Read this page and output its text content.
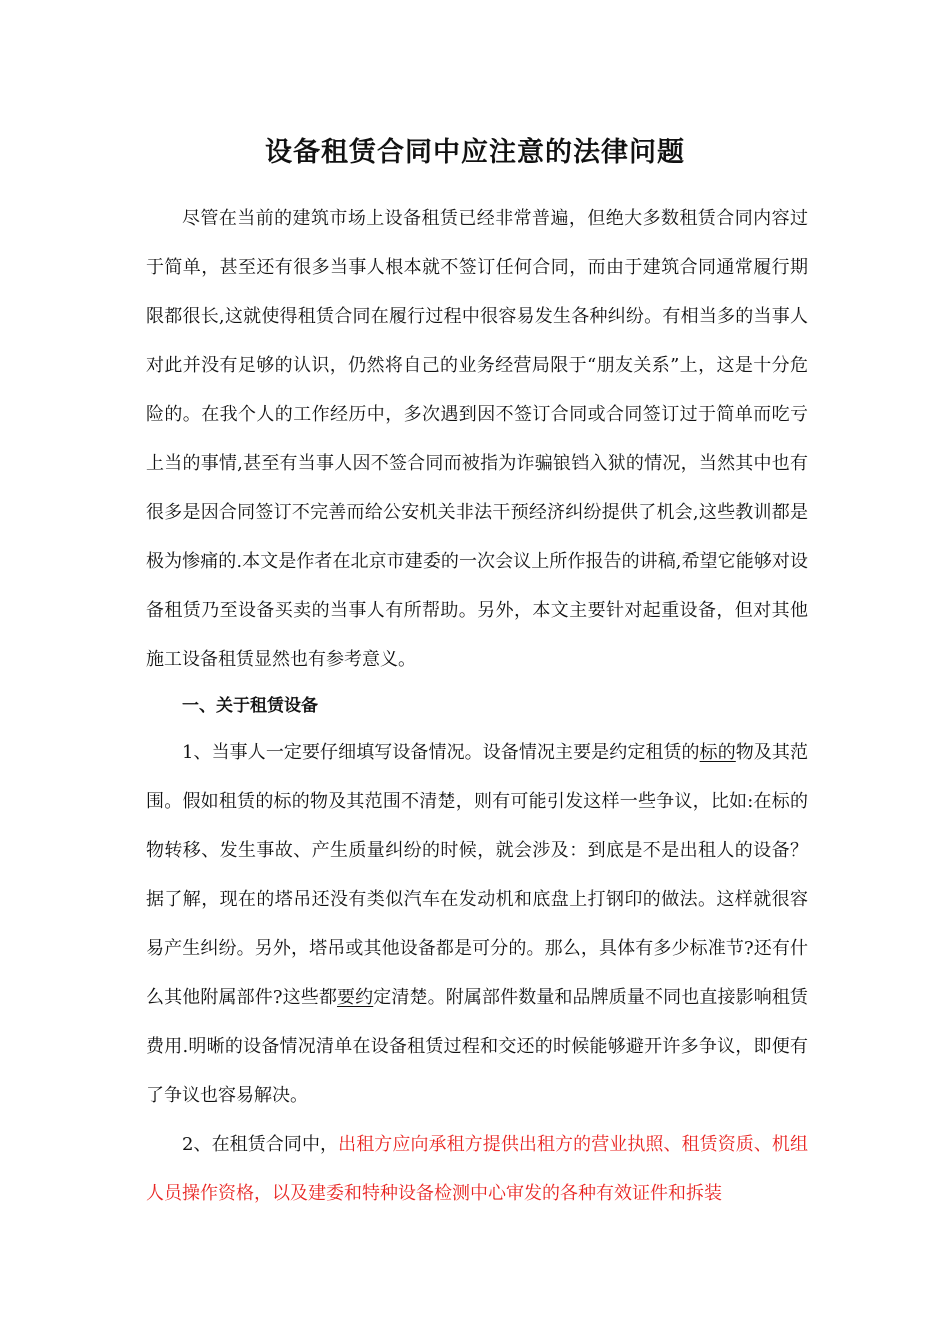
设备租赁合同中应注意的法律问题

尽管在当前的建筑市场上设备租赁已经非常普遍，但绝大多数租赁合同内容过于简单，甚至还有很多当事人根本就不签订任何合同，而由于建筑合同通常履行期限都很长,这就使得租赁合同在履行过程中很容易发生各种纠纷。有相当多的当事人对此并没有足够的认识，仍然将自己的业务经营局限于“朋友关系”上，这是十分危险的。在我个人的工作经历中，多次遇到因不签订合同或合同签订过于简单而吃亏上当的事情,甚至有当事人因不签合同而被指为诈骗锒铛入狱的情况，当然其中也有很多是因合同签订不完善而给公安机关非法干预经济纠纷提供了机会,这些教训都是极为惨痛的.本文是作者在北京市建委的一次会议上所作报告的讲稿,希望它能够对设备租赁乃至设备买卖的当事人有所帮助。另外，本文主要针对起重设备，但对其他施工设备租赁显然也有参考意义。

一、关于租赁设备

1、当事人一定要仔细填写设备情况。设备情况主要是约定租赁的标的物及其范围。假如租赁的标的物及其范围不清楚，则有可能引发这样一些争议，比如:在标的物转移、发生事故、产生质量纠纷的时候，就会涉及：到底是不是出租人的设备？据了解，现在的塔吊还没有类似汽车在发动机和底盘上打钢印的做法。这样就很容易产生纠纷。另外，塔吊或其他设备都是可分的。那么，具体有多少标准节?还有什么其他附属部件?这些都要约定清楚。附属部件数量和品牌质量不同也直接影响租赁费用.明晰的设备情况清单在设备租赁过程和交还的时候能够避开许多争议，即便有了争议也容易解决。

2、在租赁合同中，出租方应向承租方提供出租方的营业执照、租赁资质、机组人员操作资格，以及建委和特种设备检测中心审发的各种有效证件和拆装
